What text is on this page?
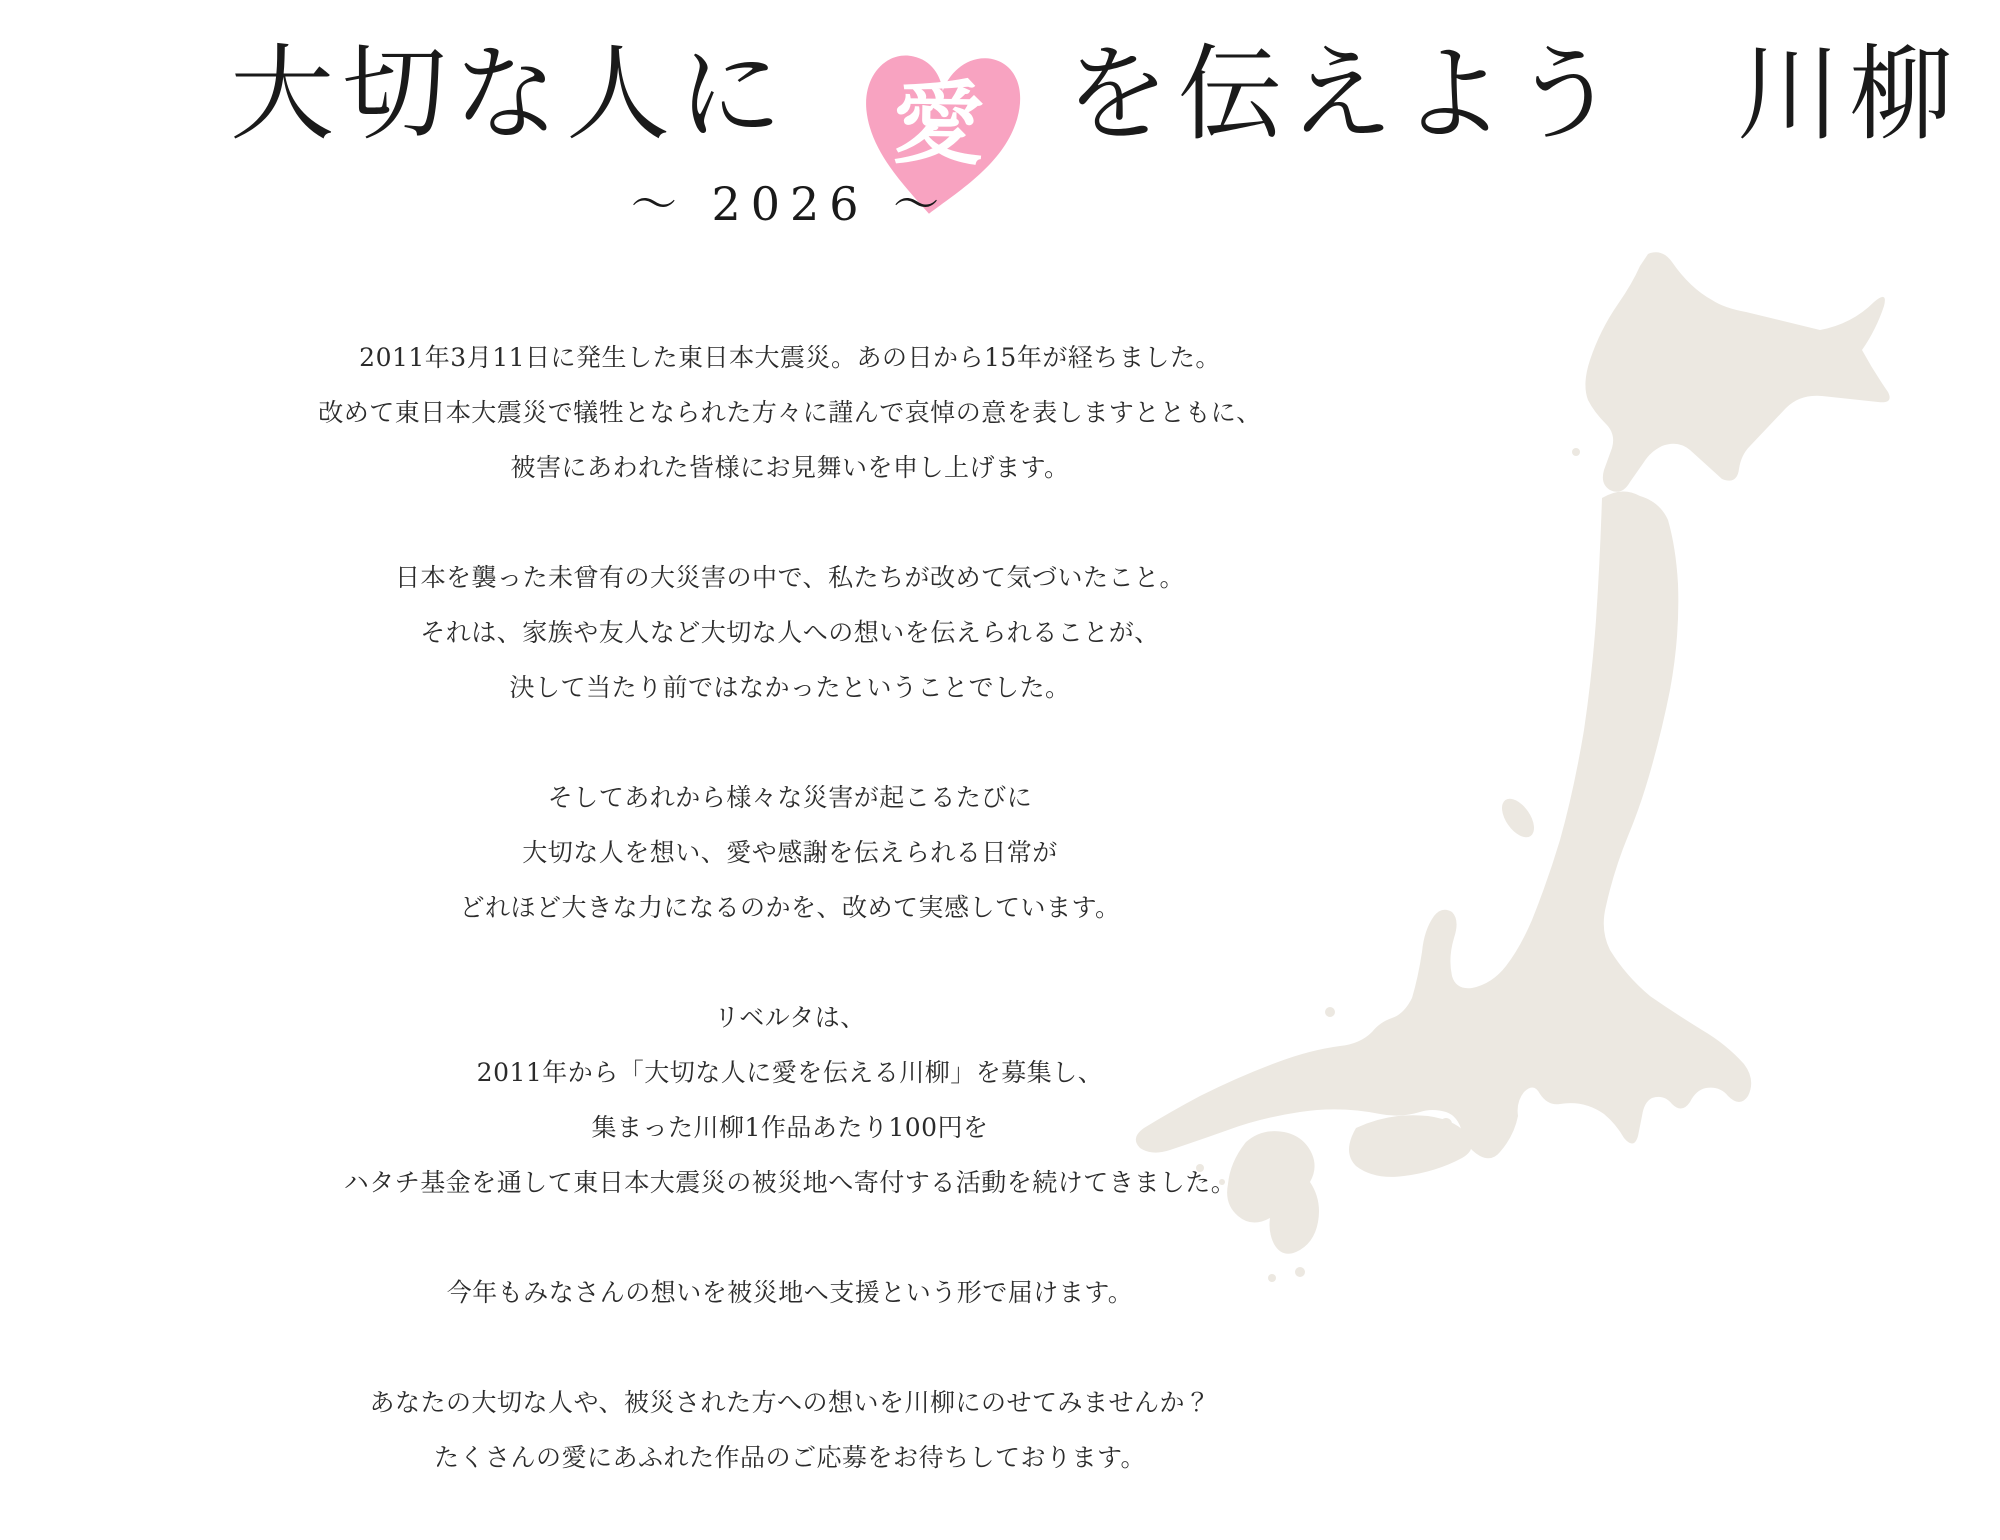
大切な人に 愛 を伝えよう　川柳
～ 2026 ～
2011年3月11日に発生した東日本大震災。あの日から15年が経ちました。
改めて東日本大震災で犠牲となられた方々に謹んで哀悼の意を表しますとともに、
被害にあわれた皆様にお見舞いを申し上げます。
日本を襲った未曾有の大災害の中で、私たちが改めて気づいたこと。
それは、家族や友人など大切な人への想いを伝えられることが、
決して当たり前ではなかったということでした。
そしてあれから様々な災害が起こるたびに
大切な人を想い、愛や感謝を伝えられる日常が
どれほど大きな力になるのかを、改めて実感しています。
リベルタは、
2011年から「大切な人に愛を伝える川柳」を募集し、
集まった川柳1作品あたり100円を
ハタチ基金を通して東日本大震災の被災地へ寄付する活動を続けてきました。
今年もみなさんの想いを被災地へ支援という形で届けます。
あなたの大切な人や、被災された方への想いを川柳にのせてみませんか？
たくさんの愛にあふれた作品のご応募をお待ちしております。
